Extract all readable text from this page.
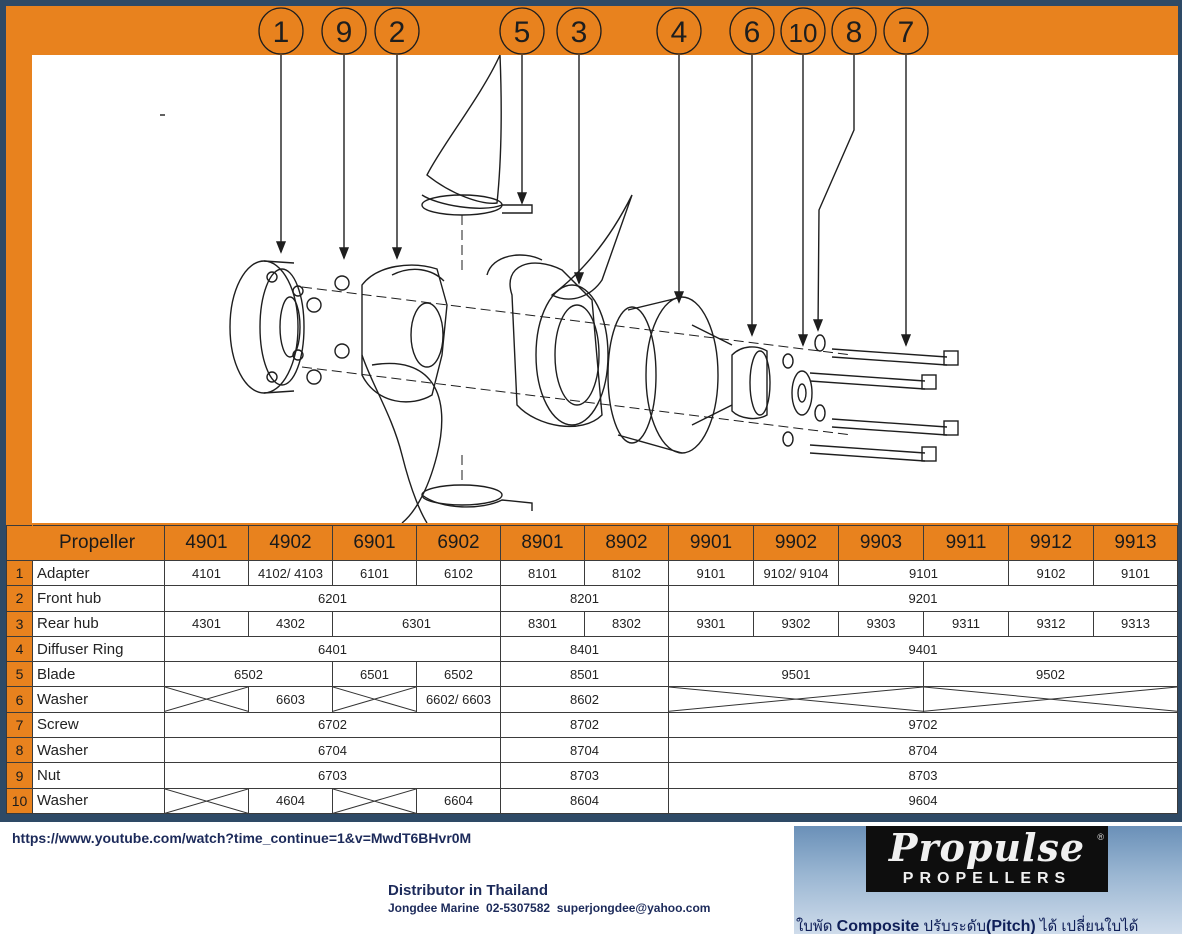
1 9 2	5 3	4 6 10 8 7
	Propeller	4901	4902	6901	6902	8901	8902	9901	9902	9903	9911	9912	9913
1	Adapter	4101	4102/ 4103	6101	6102	8101	8102	9101	9102/ 9104	9101		9102	9101
2	Front hub	6201				8201		9201					
3	Rear hub	4301	4302	6301		8301	8302	9301	9302	9303	9311	9312	9313
4	Diffuser Ring	6401				8401		9401					
5	Blade	6502		6501	6502	8501		9501			9502		
6	Washer		6603		6602/ 6603	8602	

7	Screw	6702				8702		9702					
8	Washer	6704				8704		8704					
9	Nut	6703				8703		8703					
10	Washer		4604		6604	8604		9604					
https://www.youtube.com/watch?time_continue=1&v=MwdT6BHvr0M
Distributor in Thailand
Jongdee Marine  02-5307582  superjongdee@yahoo.com
Propulse	®
PROPELLERS
ใบพัด Composite ปรับระดับ(Pitch) ได้ เปลี่ยนใบได้
